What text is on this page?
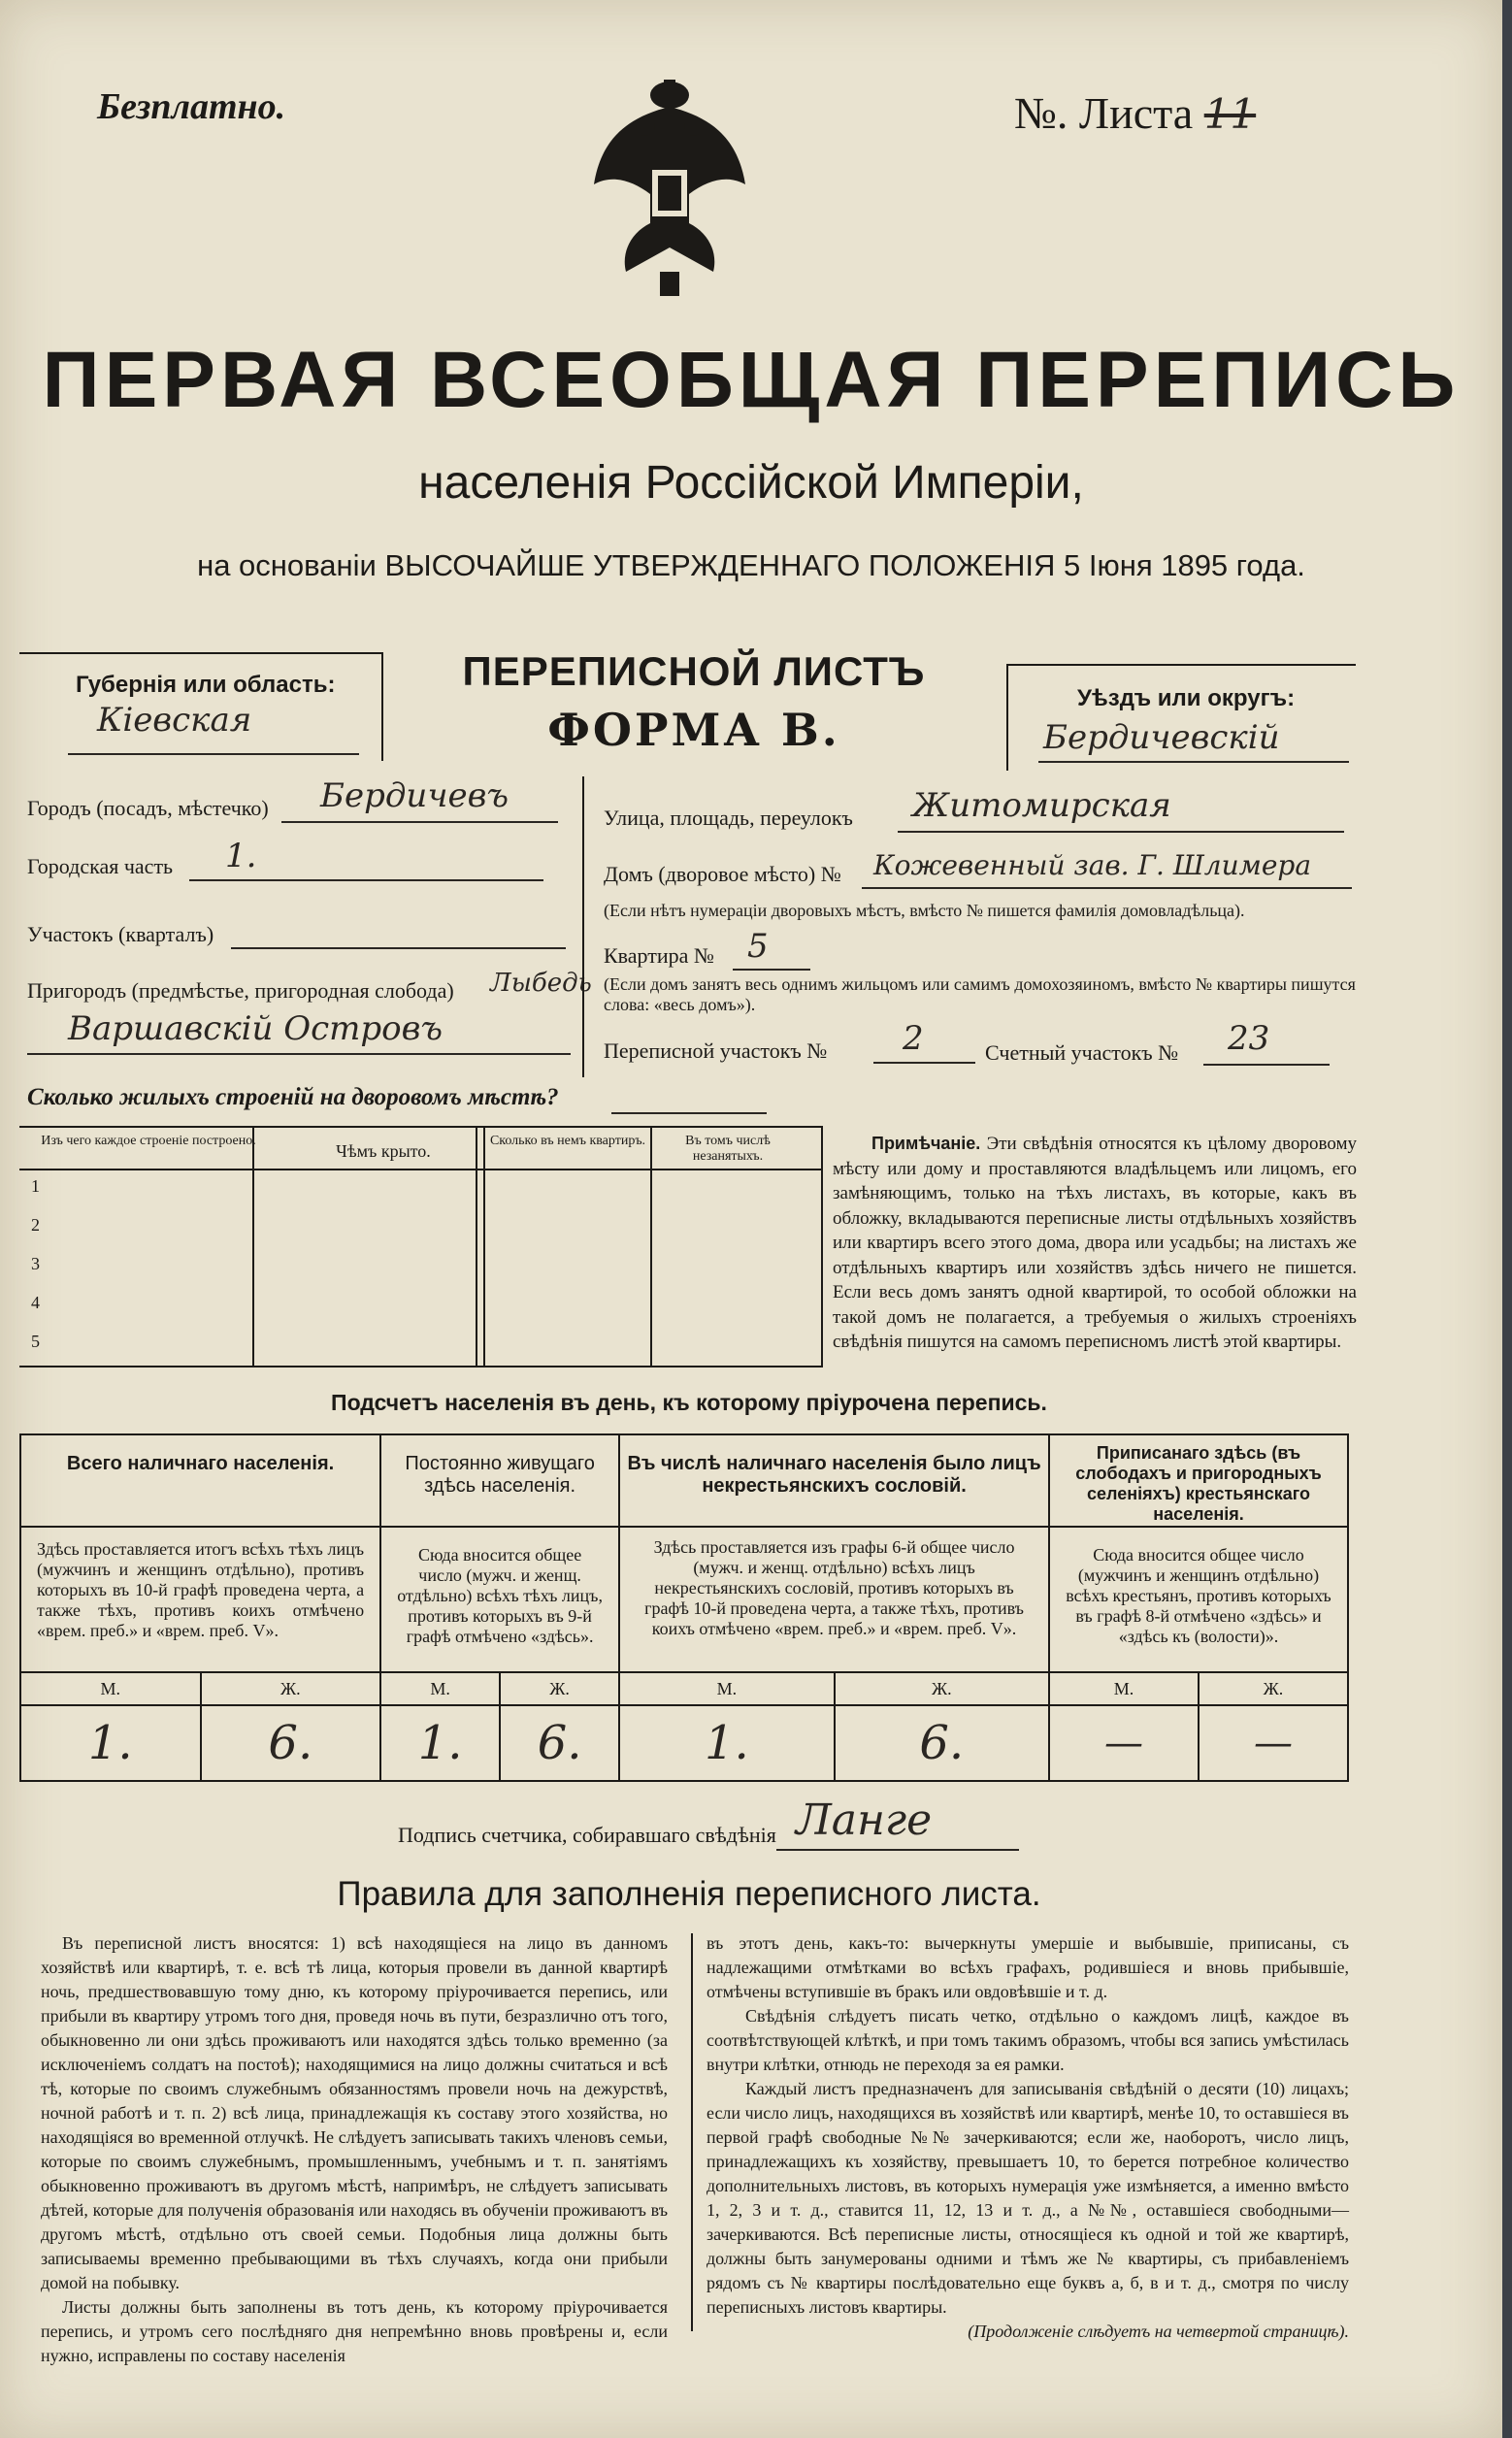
Безплатно.	№. Листа 11
ПЕРВАЯ ВСЕОБЩАЯ ПЕРЕПИСЬ
населенія Россійской Имперіи,
на основаніи ВЫСОЧАЙШЕ УТВЕРЖДЕННАГО ПОЛОЖЕНІЯ 5 Іюня 1895 года.
Губернія или область:
Кіевская
ПЕРЕПИСНОЙ ЛИСТЪ
ФОРМА В.
Уѣздъ или округъ:
Бердичевскій
Городъ (посадъ, мѣстечко) Бердичевъ
Городская часть 1.
Участокъ (кварталъ)
Пригородъ (предмѣстье, пригородная слобода) Лыбедь
Варшавскій Островъ
Улица, площадь, переулокъ Житомирская
Домъ (дворовое мѣсто) № Кожевенный зав. Г. Шлимера
(Если нѣтъ нумераціи дворовыхъ мѣстъ, вмѣсто № пишется фамилія домовладѣльца).
Квартира № 5
(Если домъ занятъ весь однимъ жильцомъ или самимъ домохозяиномъ, вмѣсто № квартиры пишутся слова: «весь домъ»).
Переписной участокъ № 2	Счетный участокъ № 23
Сколько жилыхъ строеній на дворовомъ мѣстѣ?
Изъ чего каждое строеніе построено.
Чѣмъ крыто.
Сколько въ немъ квартиръ.	Въ томъ числѣ незанятыхъ.
1
2
3
4
5
Примѣчаніе. Эти свѣдѣнія относятся къ цѣлому дворовому мѣсту или дому и проставляются владѣльцемъ или лицомъ, его замѣняющимъ, только на тѣхъ листахъ, въ которые, какъ въ обложку, вкладываются переписные листы отдѣльныхъ хозяйствъ или квартиръ всего этого дома, двора или усадьбы; на листахъ же отдѣльныхъ квартиръ или хозяйствъ здѣсь ничего не пишется. Если весь домъ занятъ одной квартирой, то особой обложки на такой домъ не полагается, а требуемыя о жилыхъ строеніяхъ свѣдѣнія пишутся на самомъ переписномъ листѣ этой квартиры.
Подсчетъ населенія въ день, къ которому пріурочена перепись.
Всего наличнаго населенія.		Постоянно живущаго здѣсь населенія.		Въ числѣ наличнаго населенія было лицъ некрестьянскихъ сословій.		Приписанаго здѣсь (въ слободахъ и пригородныхъ селеніяхъ) крестьянскаго населенія.	
Здѣсь проставляется итогъ всѣхъ тѣхъ лицъ (мужчинъ и женщинъ отдѣльно), противъ которыхъ въ 10-й графѣ проведена черта, а также тѣхъ, противъ коихъ отмѣчено «врем. преб.» и «врем. преб. V».		Сюда вносится общее число (мужч. и женщ. отдѣльно) всѣхъ тѣхъ лицъ, противъ которыхъ въ 9-й графѣ отмѣчено «здѣсь».		Здѣсь проставляется изъ графы 6-й общее число (мужч. и женщ. отдѣльно) всѣхъ лицъ некрестьянскихъ сословій, противъ которыхъ въ графѣ 10-й проведена черта, а также тѣхъ, противъ коихъ отмѣчено «врем. преб.» и «врем. преб. V».		Сюда вносится общее число (мужчинъ и женщинъ отдѣльно) всѣхъ крестьянъ, противъ которыхъ въ графѣ 8-й отмѣчено «здѣсь» и «здѣсь къ (волости)».	
М.	Ж.	М.	Ж.	М.	Ж.	М.	Ж.
1.	6.	1.	6.	1.	6.	—	—
Подпись счетчика, собиравшаго свѣдѣнія Ланге
Правила для заполненія переписного листа.
Въ переписной листъ вносятся: 1) всѣ находящіеся на лицо въ данномъ хозяйствѣ или квартирѣ, т. е. всѣ тѣ лица, которыя провели въ данной квартирѣ ночь, предшествовавшую тому дню, къ которому пріурочивается перепись, или прибыли въ квартиру утромъ того дня, проведя ночь въ пути, безразлично отъ того, обыкновенно ли они здѣсь проживаютъ или находятся здѣсь только временно (за исключеніемъ солдатъ на постоѣ); находящимися на лицо должны считаться и всѣ тѣ, которые по своимъ служебнымъ обязанностямъ провели ночь на дежурствѣ, ночной работѣ и т. п. 2) всѣ лица, принадлежащія къ составу этого хозяйства, но находящіяся во временной отлучкѣ. Не слѣдуетъ записывать такихъ членовъ семьи, которые по своимъ служебнымъ, промышленнымъ, учебнымъ и т. п. занятіямъ обыкновенно проживаютъ въ другомъ мѣстѣ, напримѣръ, не слѣдуетъ записывать дѣтей, которые для полученія образованія или находясь въ обученіи проживаютъ въ другомъ мѣстѣ, отдѣльно отъ своей семьи. Подобныя лица должны быть записываемы временно пребывающими въ тѣхъ случаяхъ, когда они прибыли домой на побывку.
Листы должны быть заполнены въ тотъ день, къ которому пріурочивается перепись, и утромъ сего послѣдняго дня непремѣнно вновь провѣрены и, если нужно, исправлены по составу населенія
въ этотъ день, какъ-то: вычеркнуты умершіе и выбывшіе, приписаны, съ надлежащими отмѣтками во всѣхъ графахъ, родившіеся и вновь прибывшіе, отмѣчены вступившіе въ бракъ или овдовѣвшіе и т. д.
Свѣдѣнія слѣдуетъ писать четко, отдѣльно о каждомъ лицѣ, каждое въ соотвѣтствующей клѣткѣ, и при томъ такимъ образомъ, чтобы вся запись умѣстилась внутри клѣтки, отнюдь не переходя за ея рамки.
Каждый листъ предназначенъ для записыванія свѣдѣній о десяти (10) лицахъ; если число лицъ, находящихся въ хозяйствѣ или квартирѣ, менѣе 10, то оставшіеся въ первой графѣ свободные №№ зачеркиваются; если же, наоборотъ, число лицъ, принадлежащихъ къ хозяйству, превышаетъ 10, то берется потребное количество дополнительныхъ листовъ, въ которыхъ нумерація уже измѣняется, а именно вмѣсто 1, 2, 3 и т. д., ставится 11, 12, 13 и т. д., а №№, оставшіеся свободными—зачеркиваются. Всѣ переписные листы, относящіеся къ одной и той же квартирѣ, должны быть занумерованы одними и тѣмъ же № квартиры, съ прибавленіемъ рядомъ съ № квартиры послѣдовательно еще буквъ а, б, в и т. д., смотря по числу переписныхъ листовъ квартиры.
(Продолженіе слѣдуетъ на четвертой страницѣ).
